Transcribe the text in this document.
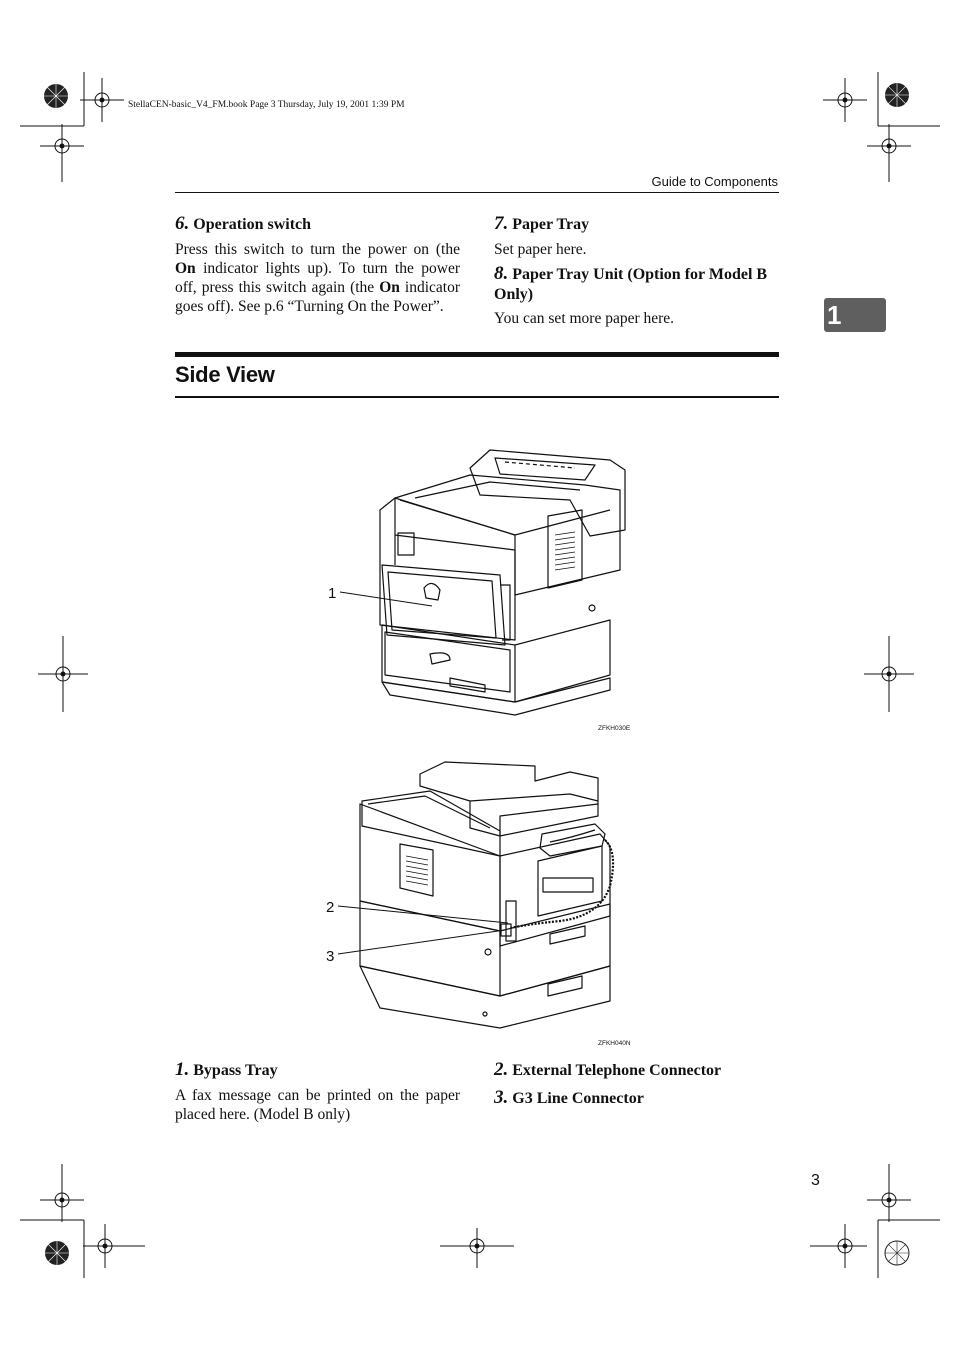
StellaCEN-basic_V4_FM.book Page 3 Thursday, July 19, 2001 1:39 PM
Guide to Components
1
6. Operation switch
Press this switch to turn the power on (the On indicator lights up). To turn the power off, press this switch again (the On indicator goes off). See p.6 “Turning On the Power”.
7. Paper Tray
Set paper here.
8. Paper Tray Unit (Option for Model B Only)
You can set more paper here.
Side View
1
ZFKH030E
2
3
ZFKH040N
1. Bypass Tray
A fax message can be printed on the paper placed here. (Model B only)
2. External Telephone Connector
3. G3 Line Connector
3
